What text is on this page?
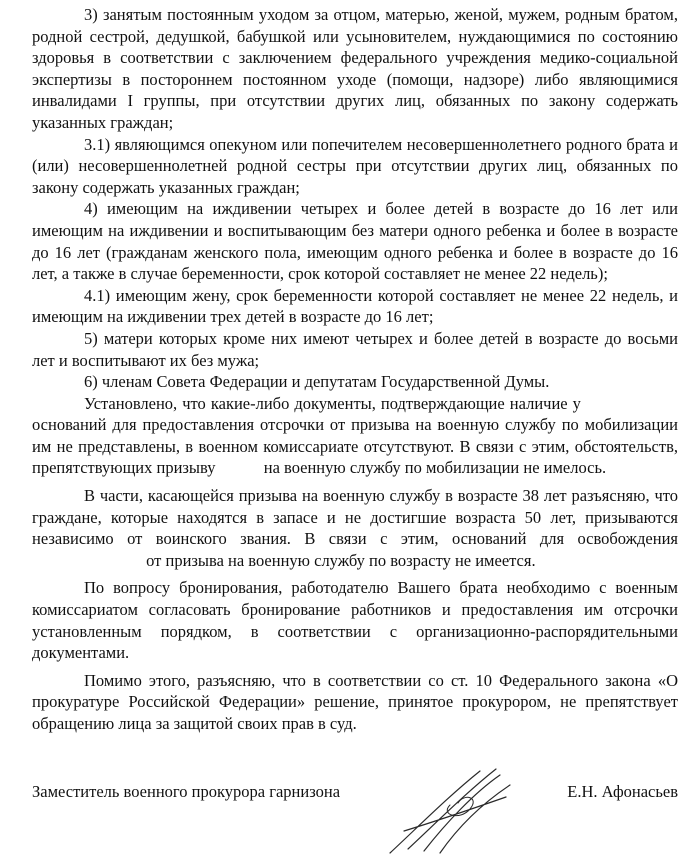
3) занятым постоянным уходом за отцом, матерью, женой, мужем, родным братом, родной сестрой, дедушкой, бабушкой или усыновителем, нуждающимися по состоянию здоровья в соответствии с заключением федерального учреждения медико-социальной экспертизы в постороннем постоянном уходе (помощи, надзоре) либо являющимися инвалидами I группы, при отсутствии других лиц, обязанных по закону содержать указанных граждан;

3.1) являющимся опекуном или попечителем несовершеннолетнего родного брата и (или) несовершеннолетней родной сестры при отсутствии других лиц, обязанных по закону содержать указанных граждан;

4) имеющим на иждивении четырех и более детей в возрасте до 16 лет или имеющим на иждивении и воспитывающим без матери одного ребенка и более в возрасте до 16 лет (гражданам женского пола, имеющим одного ребенка и более в возрасте до 16 лет, а также в случае беременности, срок которой составляет не менее 22 недель);

4.1) имеющим жену, срок беременности которой составляет не менее 22 недель, и имеющим на иждивении трех детей в возрасте до 16 лет;

5) матери которых кроме них имеют четырех и более детей в возрасте до восьми лет и воспитывают их без мужа;

6) членам Совета Федерации и депутатам Государственной Думы.

Установлено, что какие-либо документы, подтверждающие наличие у  оснований для предоставления отсрочки от призыва на военную службу по мобилизации им не представлены, в военном комиссариате отсутствуют. В связи с этим, обстоятельств, препятствующих призыву	на военную службу по мобилизации не имелось.

В части, касающейся призыва на военную службу в возрасте 38 лет разъясняю, что граждане, которые находятся в запасе и не достигшие возраста 50 лет, призываются независимо от воинского звания. В связи с этим, оснований для освобождения  от призыва на военную службу по возрасту не имеется.

По вопросу бронирования, работодателю Вашего брата необходимо с военным комиссариатом согласовать бронирование работников и предоставления им отсрочки установленным порядком, в соответствии с организационно-распорядительными документами.

Помимо этого, разъясняю, что в соответствии со ст. 10 Федерального закона «О прокуратуре Российской Федерации» решение, принятое прокурором, не препятствует обращению лица за защитой своих прав в суд.

Заместитель военного прокурора гарнизона	Е.Н. Афонасьев
